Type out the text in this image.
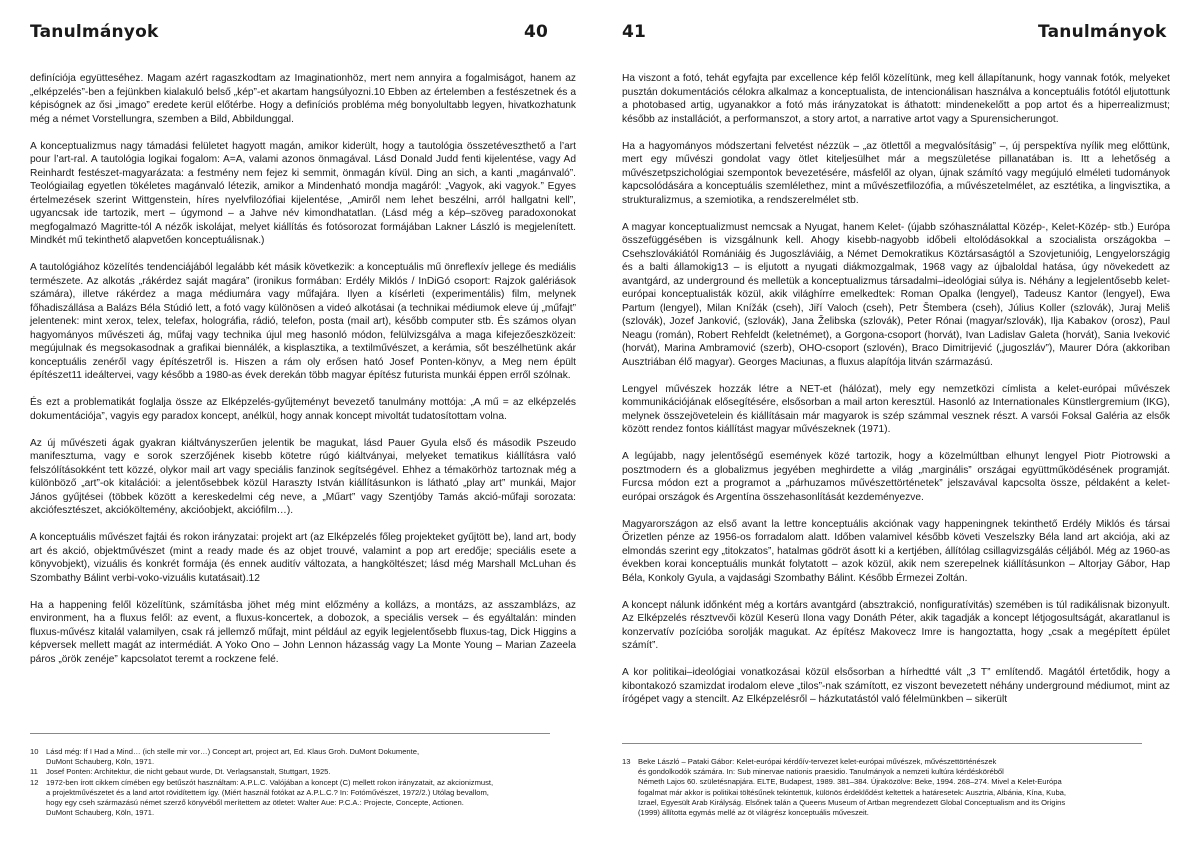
Tanulmányok	40

definíciója együtteséhez. Magam azért ragaszkodtam az Imaginationhöz, mert nem annyira a fogalmiságot, hanem az „elképzelés”-ben a fejünkben kialakuló belső „kép”-et akartam hangsúlyozni.10 Ebben az értelemben a festészetnek és a képisógnek az ősi „imago” eredete kerül előtérbe. Hogy a definíciós probléma még bonyolultabb legyen, hivatkozhatunk még a német Vorstellungra, szemben a Bild, Abbildunggal.

A konceptualizmus nagy támadási felületet hagyott magán, amikor kiderült, hogy a tautológia összetéveszthető a l’art pour l’art-ral. A tautológia logikai fogalom: A=A, valami azonos önmagával. Lásd Donald Judd fenti kijelentése, vagy Ad Reinhardt festészet-magyarázata: a festmény nem fejez ki semmit, önmagán kívül. Ding an sich, a kanti „magánvaló”. Teológiailag egyetlen tökéletes magánvaló létezik, amikor a Mindenható mondja magáról: „Vagyok, aki vagyok.” Egyes értelmezések szerint Wittgenstein, híres nyelvfilozófiai kijelentése, „Amiről nem lehet beszélni, arról hallgatni kell”, ugyancsak ide tartozik, mert – úgymond – a Jahve név kimondhatatlan. (Lásd még a kép–szöveg paradoxonokat megfogalmazó Magritte-tól A nézők iskolájat, melyet kiállítás és fotósorozat formájában Lakner László is megjelenített. Mindkét mű tekinthető alapvetően konceptuálisnak.)

A tautológiához közelítés tendenciájából legalább két másik következik: a konceptuális mű önreflexív jellege és mediális természete. Az alkotás „rákérdez saját magára” (ironikus formában: Erdély Miklós / InDiGó csoport: Rajzok galériások számára), illetve rákérdez a maga médiumára vagy műfajára. Ilyen a kísérleti (experimentális) film, melynek főhadiszállása a Balázs Béla Stúdió lett, a fotó vagy különösen a videó alkotásai (a technikai médiumok eleve új „műfajt” jelentenek: mint xerox, telex, telefax, holográfia, rádió, telefon, posta (mail art), később computer stb. És számos olyan hagyományos művészeti ág, műfaj vagy technika újul meg hasonló módon, felülvizsgálva a maga kifejezőeszközeit: megújulnak és megsokasodnak a grafikai biennálék, a kisplasztika, a textilművészet, a kerámia, sőt beszélhetünk akár konceptuális zenéről vagy építészetről is. Hiszen a rám oly erősen ható Josef Ponten-könyv, a Meg nem épült építészet11 ideáltervei, vagy később a 1980-as évek derekán több magyar építész futurista munkái éppen erről szólnak.

És ezt a problematikát foglalja össze az Elképzelés-gyűjteményt bevezető tanulmány mottója: „A mű = az elképzelés dokumentációja”, vagyis egy paradox koncept, anélkül, hogy annak koncept mivoltát tudatosítottam volna.

Az új művészeti ágak gyakran kiáltványszerűen jelentik be magukat, lásd Pauer Gyula első és második Pszeudo manifesztuma, vagy e sorok szerzőjének kisebb kötetre rúgó kiáltványai, melyeket tematikus kiállításra való felszólításokként tett közzé, olykor mail art vagy speciális fanzinok segítségével. Ehhez a témakörhöz tartoznak még a különböző „art”-ok kitalációi: a jelentősebbek közül Haraszty István kiállításunkon is látható „play art” munkái, Major János gyűjtései (többek között a kereskedelmi cég neve, a „Műart” vagy Szentjóby Tamás akció-műfaji sorozata: akciófesztészet, akcióköltemény, akcióobjekt, akciófilm…).

A konceptuális művészet fajtái és rokon irányzatai: projekt art (az Elképzelés főleg projekteket gyűjtött be), land art, body art és akció, objektművészet (mint a ready made és az objet trouvé, valamint a pop art eredője; speciális esete a könyvobjekt), vizuális és konkrét formája (és ennek auditív változata, a hangköltészet; lásd még Marshall McLuhan és Szombathy Bálint verbi-voko-vizuális kutatásait).12

Ha a happening felől közelítünk, számításba jöhet még mint előzmény a kollázs, a montázs, az asszamblázs, az environment, ha a fluxus felől: az event, a fluxus-koncertek, a dobozok, a speciális versek – és egyáltalán: minden fluxus-művész kitalál valamilyen, csak rá jellemző műfajt, mint például az egyik legjelentősebb fluxus-tag, Dick Higgins a képversek mellett magát az intermédiát. A Yoko Ono – John Lennon házasság vagy La Monte Young – Marian Zazeela páros „örök zenéje” kapcsolatot teremt a rockzene felé.

10 Lásd még: If I Had a Mind… (ich stelle mir vor…) Concept art, project art, Ed. Klaus Groh. DuMont Dokumente,
DuMont Schauberg, Köln, 1971.
11	Josef Ponten: Architektur, die nicht gebaut wurde, Dt. Verlagsanstalt, Stuttgart, 1925.
12 1972-ben írott cikkem címében egy betűszót használtam: A.P.L.C. Valójában a koncept (C) mellett rokon irányzatait, az akcionizmust,
a projektművészetet és a land artot rövidítettem így. (Miért használ fotókat az A.P.L.C.? In: Fotóművészet, 1972/2.) Utólag bevallom,
hogy egy cseh származású német szerző könyvéből merítettem az ötletet: Walter Aue: P.C.A.: Projecte, Concepte, Actionen.
DuMont Schauberg, Köln, 1971.
41	Tanulmányok

Ha viszont a fotó, tehát egyfajta par excellence kép felől közelítünk, meg kell állapítanunk, hogy vannak fotók, melyeket pusztán dokumentációs célokra alkalmaz a konceptualista, de intencionálisan használva a konceptuális fotótól eljutottunk a photobased artig, ugyanakkor a fotó más irányzatokat is áthatott: mindenekelőtt a pop artot és a hiperrealizmust; később az installációt, a performanszot, a story artot, a narrative artot vagy a Spurensicherungot.

Ha a hagyományos módszertani felvetést nézzük – „az ötlettől a megvalósításig” –, új perspektíva nyílik meg előttünk, mert egy művészi gondolat vagy ötlet kiteljesülhet már a megszületése pillanatában is. Itt a lehetőség a művészetpszichológiai szempontok bevezetésére, másfelől az olyan, újnak számító vagy megújuló elméleti tudományok kapcsolódására a konceptuális szemlélethez, mint a művészetfilozófia, a művészetelmélet, az esztétika, a lingvisztika, a strukturalizmus, a szemiotika, a rendszerelmélet stb.

A magyar konceptualizmust nemcsak a Nyugat, hanem Kelet- (újabb szóhasználattal Közép-, Kelet-Közép- stb.) Európa összefüggésében is vizsgálnunk kell. Ahogy kisebb-nagyobb időbeli eltolódásokkal a szocialista országokba – Csehszlovákiától Romániáig és Jugoszláviáig, a Német Demokratikus Köztársaságtól a Szovjetunióig, Lengyelországig és a balti államokig13 – is eljutott a nyugati diákmozgalmak, 1968 vagy az újbaloldal hatása, úgy növekedett az avantgárd, az underground és melletük a konceptualizmus társadalmi–ideológiai súlya is. Néhány a legjelentősebb kelet-európai konceptualisták közül, akik világhírre emelkedtek: Roman Opalka (lengyel), Tadeusz Kantor (lengyel), Ewa Partum (lengyel), Milan Knížák (cseh), Jiří Valoch (cseh), Petr Štembera (cseh), Július Koller (szlovák), Juraj Meliš (szlovák), Jozef Janković, (szlovák), Jana Želibska (szlovák), Peter Rónai (magyar/szlovák), Ilja Kabakov (orosz), Paul Neagu (román), Robert Rehfeldt (keletnémet), a Gorgona-csoport (horvát), Ivan Ladislav Galeta (horvát), Sania Iveković (horvát), Marina Ambramović (szerb), OHO-csoport (szlovén), Braco Dimitrijević („jugoszláv”), Maurer Dóra (akkoriban Ausztriában élő magyar). Georges Maciunas, a fluxus alapítója litván származású.

Lengyel művészek hozzák létre a NET-et (hálózat), mely egy nemzetközi címlista a kelet-európai művészek kommunikációjának elősegítésére, elsősorban a mail arton keresztül. Hasonló az Internationales Künstlergremium (IKG), melynek összejövetelein és kiállításain már magyarok is szép számmal vesznek részt. A varsói Foksal Galéria az elsők között rendez fontos kiállítást magyar művészeknek (1971).

A legújabb, nagy jelentőségű események közé tartozik, hogy a közelmúltban elhunyt lengyel Piotr Piotrowski a posztmodern és a globalizmus jegyében meghirdette a világ „marginális” országai együttműködésének programját. Furcsa módon ezt a programot a „párhuzamos művészettörténetek” jelszavával kapcsolta össze, példaként a kelet-európai országok és Argentína összehasonlítását kezdeményezve.

Magyarországon az első avant la lettre konceptuális akciónak vagy happeningnek tekinthető Erdély Miklós és társai Őrizetlen pénze az 1956-os forradalom alatt. Időben valamivel később követi Veszelszky Béla land art akciója, aki az elmondás szerint egy „titokzatos”, hatalmas gödröt ásott ki a kertjében, állítólag csillagvizsgálás céljából. Még az 1960-as években korai konceptuális munkát folytatott – azok közül, akik nem szerepelnek kiállításunkon – Altorjay Gábor, Hap Béla, Konkoly Gyula, a vajdasági Szombathy Bálint. Később Érmezei Zoltán.

A koncept nálunk időnként még a kortárs avantgárd (absztrakció, nonfiguratívitás) szemében is túl radikálisnak bizonyult. Az Elképzelés résztvevői közül Keserü Ilona vagy Donáth Péter, akik tagadják a koncept létjogosultságát, akaratlanul is konzervatív pozícióba sorolják magukat. Az építész Makovecz Imre is hangoztatta, hogy „csak a megépített épület számít”.

A kor politikai–ideológiai vonatkozásai közül elsősorban a hírhedtté vált „3 T” említendő. Magától értetődik, hogy a kibontakozó szamizdat irodalom eleve „tilos”-nak számított, ez viszont bevezetett néhány underground médiumot, mint az írógépet vagy a stencilt. Az Elképzelésről – házkutatástól való félelmünkben – sikerült

13 Beke László – Pataki Gábor: Kelet-európai kérdőív-tervezet kelet-európai művészek, művészettörténészek
és gondolkodók számára. In: Sub minervae nationis praesidio. Tanulmányok a nemzeti kultúra kérdésköréből
Németh Lajos 60. születésnapjára. ELTE, Budapest, 1989. 381–384. Újraközölve: Beke, 1994. 268–274. Mivel a Kelet-Európa
fogalmat már akkor is politikai töltésűnek tekintettük, különös érdeklődést keltettek a határesetek: Ausztria, Albánia, Kína, Kuba,
Izrael, Egyesült Arab Királyság. Elsőnek talán a Queens Museum of Artban megrendezett Global Conceptualism and its Origins
(1999) állította egymás mellé az öt világrész konceptuális műveszeit.
